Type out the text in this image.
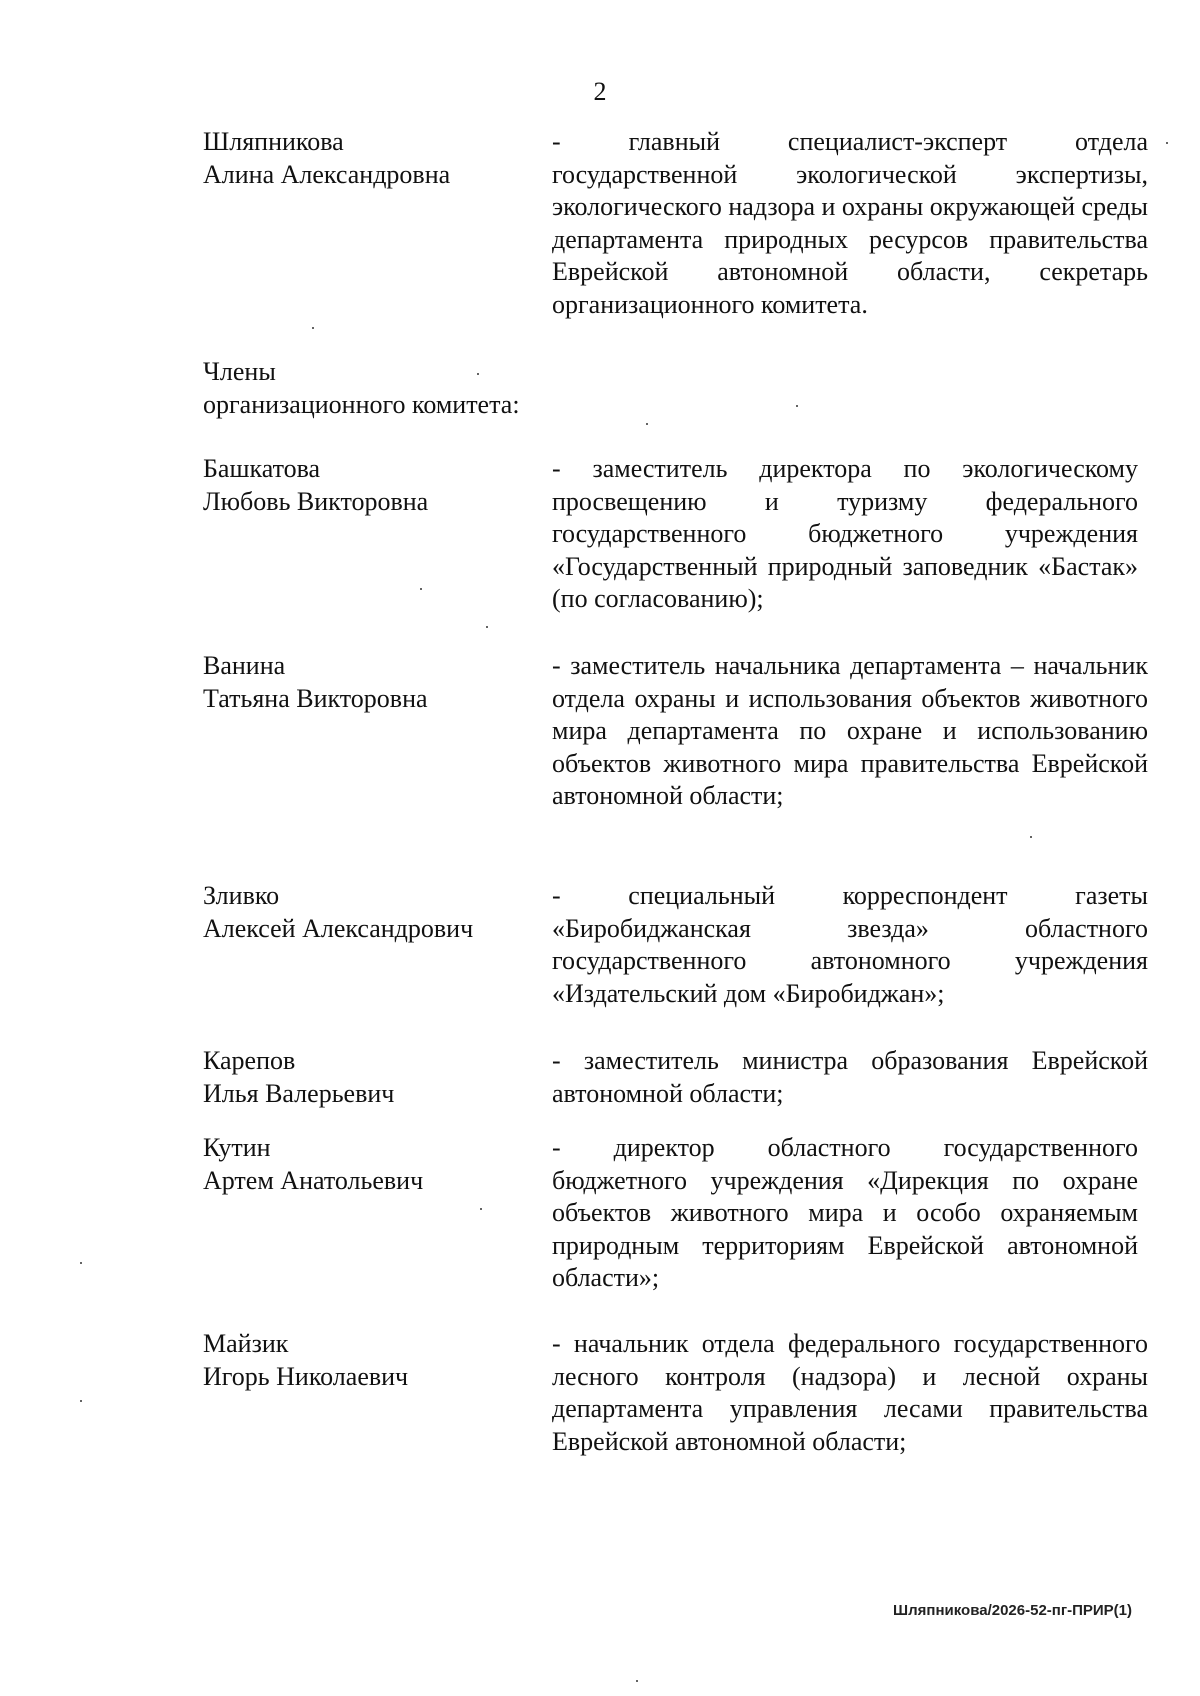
2
Шляпникова
Алина Александровна

- главный специалист-эксперт отдела государственной экологической экспертизы, экологического надзора и охраны окружающей среды департамента природных ресурсов правительства Еврейской автономной области, секретарь организационного комитета.

Члены
организационного комитета:
Башкатова
Любовь Викторовна

- заместитель директора по экологическому просвещению и туризму федерального государственного бюджетного учреждения «Государственный природный заповедник «Бастак» (по согласованию);

Ванина
Татьяна Викторовна

- заместитель начальника департамента – начальник отдела охраны и использования объектов животного мира департамента по охране и использованию объектов животного мира правительства Еврейской автономной области;

Зливко
Алексей Александрович

- специальный корреспондент газеты «Биробиджанская звезда» областного государственного автономного учреждения «Издательский дом «Биробиджан»;

Карепов
Илья Валерьевич

- заместитель министра образования Еврейской автономной области;

Кутин
Артем Анатольевич

- директор областного государственного бюджетного учреждения «Дирекция по охране объектов животного мира и особо охраняемым природным территориям Еврейской автономной области»;

Майзик
Игорь Николаевич

- начальник отдела федерального государственного лесного контроля (надзора) и лесной охраны департамента управления лесами правительства Еврейской автономной области;

Шляпникова/2026-52-пг-ПРИР(1)
